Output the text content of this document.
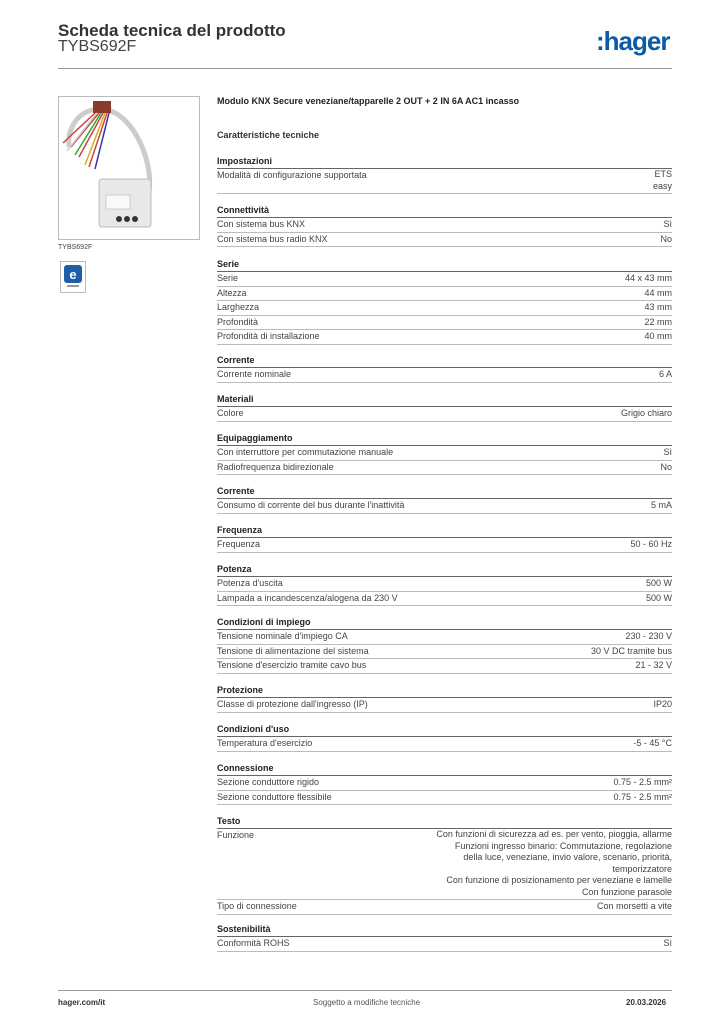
Scheda tecnica del prodotto
TYBS692F	:hager
TYBS692F
e
Modulo KNX Secure veneziane/tapparelle 2 OUT + 2 IN 6A AC1 incasso
Caratteristiche tecniche
Impostazioni
Modalità di configurazione supportata	ETS
easy
Connettività
Con sistema bus KNX	Sì
Con sistema bus radio KNX	No
Serie
Serie	44 x 43 mm
Altezza	44 mm
Larghezza	43 mm
Profondità	22 mm
Profondità di installazione	40 mm
Corrente
Corrente nominale	6 A
Materiali
Colore	Grigio chiaro
Equipaggiamento
Con interruttore per commutazione manuale	Sì
Radiofrequenza bidirezionale	No
Corrente
Consumo di corrente del bus durante l'inattività	5 mA
Frequenza
Frequenza	50 - 60 Hz
Potenza
Potenza d'uscita	500 W
Lampada a incandescenza/alogena da 230 V	500 W
Condizioni di impiego
Tensione nominale d'impiego CA	230 - 230 V
Tensione di alimentazione del sistema	30 V DC tramite bus
Tensione d'esercizio tramite cavo bus	21 - 32 V
Protezione
Classe di protezione dall'ingresso (IP)	IP20
Condizioni d'uso
Temperatura d'esercizio	-5 - 45 °C
Connessione
Sezione conduttore rigido	0.75 - 2.5 mm²
Sezione conduttore flessibile	0.75 - 2.5 mm²
Testo
Funzione	Con funzioni di sicurezza ad es. per vento, pioggia, allarme
Funzioni ingresso binario: Commutazione, regolazione
della luce, veneziane, invio valore, scenario, priorità,
temporizzatore
Con funzione di posizionamento per veneziane e lamelle
Con funzione parasole
Tipo di connessione	Con morsetti a vite
Sostenibilità
Conformità ROHS	Sì
hager.com/it	Soggetto a modifiche tecniche	20.03.2026
